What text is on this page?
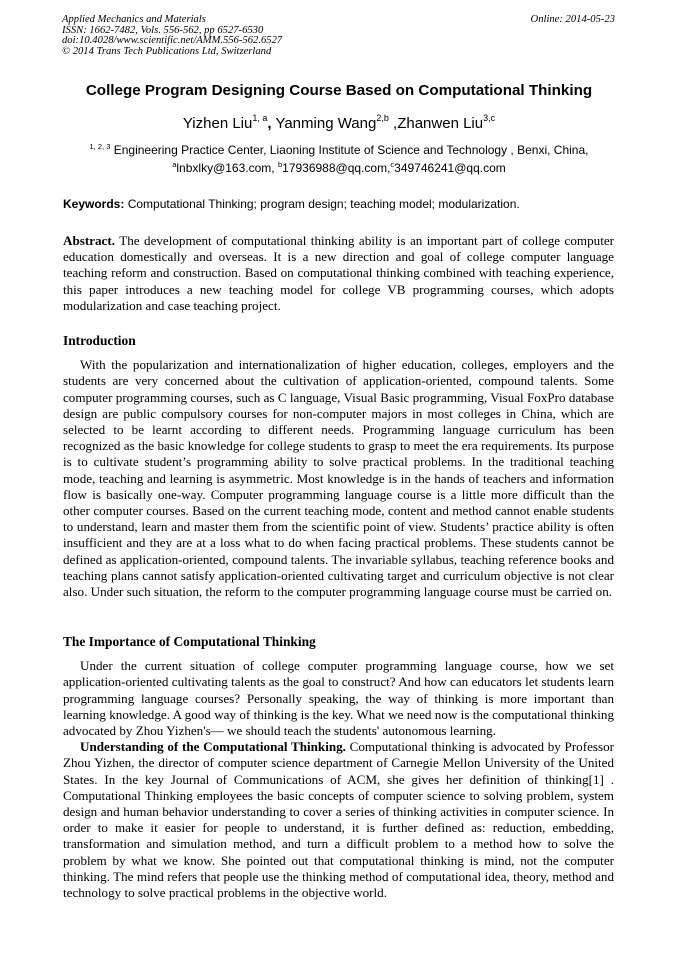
Applied Mechanics and Materials
ISSN: 1662-7482, Vols. 556-562, pp 6527-6530
doi:10.4028/www.scientific.net/AMM.556-562.6527
© 2014 Trans Tech Publications Ltd, Switzerland
Online: 2014-05-23
College Program Designing Course Based on Computational Thinking
Yizhen Liu$^{1, a}$, Yanming Wang$^{2,b}$ ,Zhanwen Liu$^{3,c}$
$^{1, 2, 3}$ Engineering Practice Center, Liaoning Institute of Science and Technology , Benxi, China,
$^a$lnbxlky@163.com, $^b$17936988@qq.com,$^c$349746241@qq.com
Keywords: Computational Thinking; program design; teaching model; modularization.

Abstract. The development of computational thinking ability is an important part of college computer education domestically and overseas. It is a new direction and goal of college computer language teaching reform and construction. Based on computational thinking combined with teaching experience, this paper introduces a new teaching model for college VB programming courses, which adopts modularization and case teaching project.

Introduction

With the popularization and internationalization of higher education, colleges, employers and the students are very concerned about the cultivation of application-oriented, compound talents. Some computer programming courses, such as C language, Visual Basic programming, Visual FoxPro database design are public compulsory courses for non-computer majors in most colleges in China, which are selected to be learnt according to different needs. Programming language curriculum has been recognized as the basic knowledge for college students to grasp to meet the era requirements. Its purpose is to cultivate student’s programming ability to solve practical problems. In the traditional teaching mode, teaching and learning is asymmetric. Most knowledge is in the hands of teachers and information flow is basically one-way. Computer programming language course is a little more difficult than the other computer courses. Based on the current teaching mode, content and method cannot enable students to understand, learn and master them from the scientific point of view. Students’ practice ability is often insufficient and they are at a loss what to do when facing practical problems. These students cannot be defined as application-oriented, compound talents. The invariable syllabus, teaching reference books and teaching plans cannot satisfy application-oriented cultivating target and curriculum objective is not clear also. Under such situation, the reform to the computer programming language course must be carried on.

The Importance of Computational Thinking

Under the current situation of college computer programming language course, how we set application-oriented cultivating talents as the goal to construct? And how can educators let students learn programming language courses? Personally speaking, the way of thinking is more important than learning knowledge. A good way of thinking is the key. What we need now is the computational thinking advocated by Zhou Yizhen's— we should teach the students' autonomous learning.

Understanding of the Computational Thinking. Computational thinking is advocated by Professor Zhou Yizhen, the director of computer science department of Carnegie Mellon University of the United States. In the key Journal of Communications of ACM, she gives her definition of thinking[1] . Computational Thinking employees the basic concepts of computer science to solving problem, system design and human behavior understanding to cover a series of thinking activities in computer science. In order to make it easier for people to understand, it is further defined as: reduction, embedding, transformation and simulation method, and turn a difficult problem to a method how to solve the problem by what we know. She pointed out that computational thinking is mind, not the computer thinking. The mind refers that people use the thinking method of computational idea, theory, method and technology to solve practical problems in the objective world.
